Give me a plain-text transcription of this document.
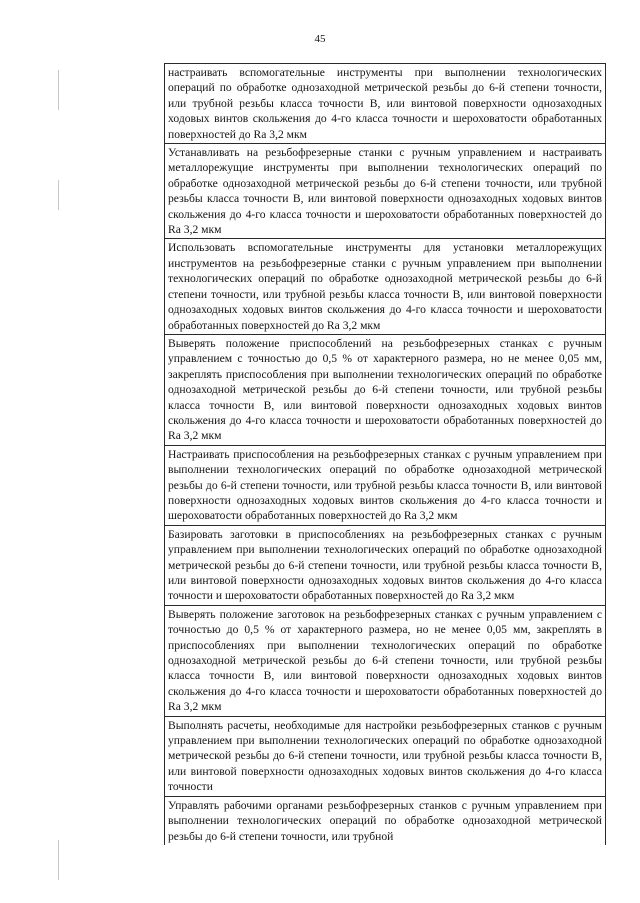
45
настраивать вспомогательные инструменты при выполнении технологических операций по обработке однозаходной метрической резьбы до 6-й степени точности, или трубной резьбы класса точности В, или винтовой поверхности однозаходных ходовых винтов скольжения до 4-го класса точности и шероховатости обработанных поверхностей до Ra 3,2 мкм
Устанавливать на резьбофрезерные станки с ручным управлением и настраивать металлорежущие инструменты при выполнении технологических операций по обработке однозаходной метрической резьбы до 6-й степени точности, или трубной резьбы класса точности В, или винтовой поверхности однозаходных ходовых винтов скольжения до 4-го класса точности и шероховатости обработанных поверхностей до Ra 3,2 мкм
Использовать вспомогательные инструменты для установки металлорежущих инструментов на резьбофрезерные станки с ручным управлением при выполнении технологических операций по обработке однозаходной метрической резьбы до 6-й степени точности, или трубной резьбы класса точности В, или винтовой поверхности однозаходных ходовых винтов скольжения до 4-го класса точности и шероховатости обработанных поверхностей до Ra 3,2 мкм
Выверять положение приспособлений на резьбофрезерных станках с ручным управлением с точностью до 0,5 % от характерного размера, но не менее 0,05 мм, закреплять приспособления при выполнении технологических операций по обработке однозаходной метрической резьбы до 6-й степени точности, или трубной резьбы класса точности В, или винтовой поверхности однозаходных ходовых винтов скольжения до 4-го класса точности и шероховатости обработанных поверхностей до Ra 3,2 мкм
Настраивать приспособления на резьбофрезерных станках с ручным управлением при выполнении технологических операций по обработке однозаходной метрической резьбы до 6-й степени точности, или трубной резьбы класса точности В, или винтовой поверхности однозаходных ходовых винтов скольжения до 4-го класса точности и шероховатости обработанных поверхностей до Ra 3,2 мкм
Базировать заготовки в приспособлениях на резьбофрезерных станках с ручным управлением при выполнении технологических операций по обработке однозаходной метрической резьбы до 6-й степени точности, или трубной резьбы класса точности В, или винтовой поверхности однозаходных ходовых винтов скольжения до 4-го класса точности и шероховатости обработанных поверхностей до Ra 3,2 мкм
Выверять положение заготовок на резьбофрезерных станках с ручным управлением с точностью до 0,5 % от характерного размера, но не менее 0,05 мм, закреплять в приспособлениях при выполнении технологических операций по обработке однозаходной метрической резьбы до 6-й степени точности, или трубной резьбы класса точности В, или винтовой поверхности однозаходных ходовых винтов скольжения до 4-го класса точности и шероховатости обработанных поверхностей до Ra 3,2 мкм
Выполнять расчеты, необходимые для настройки резьбофрезерных станков с ручным управлением при выполнении технологических операций по обработке однозаходной метрической резьбы до 6-й степени точности, или трубной резьбы класса точности В, или винтовой поверхности однозаходных ходовых винтов скольжения до 4-го класса точности
Управлять рабочими органами резьбофрезерных станков с ручным управлением при выполнении технологических операций по обработке однозаходной метрической резьбы до 6-й степени точности, или трубной
